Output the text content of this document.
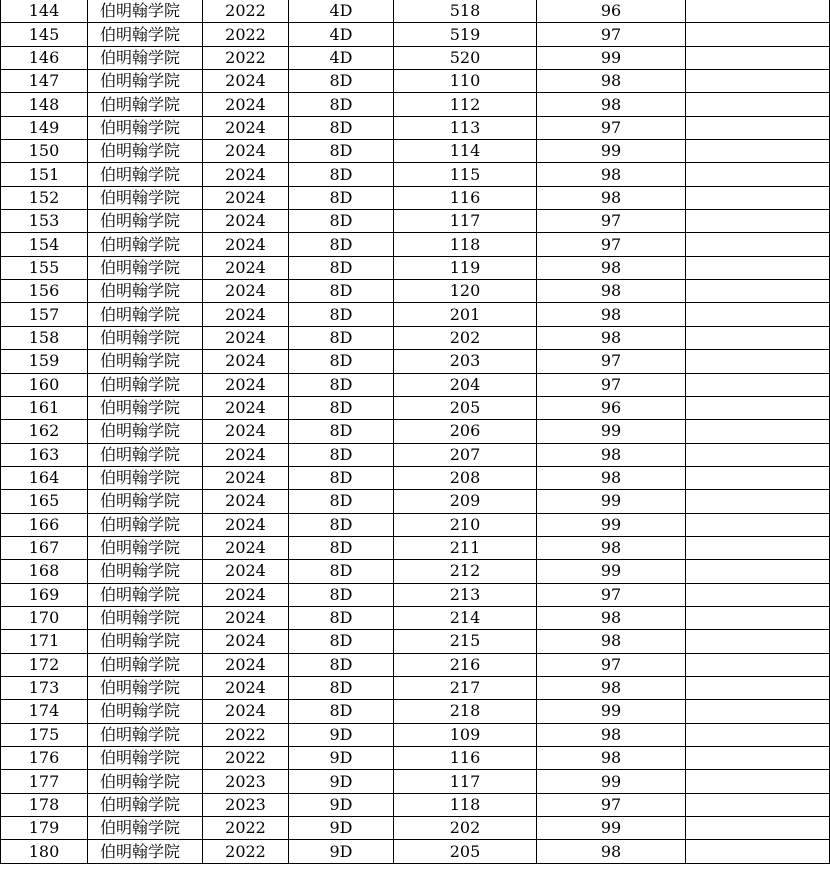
144	伯明翰学院	2022	4D	518	96	
145	伯明翰学院	2022	4D	519	97	
146	伯明翰学院	2022	4D	520	99	
147	伯明翰学院	2024	8D	110	98	
148	伯明翰学院	2024	8D	112	98	
149	伯明翰学院	2024	8D	113	97	
150	伯明翰学院	2024	8D	114	99	
151	伯明翰学院	2024	8D	115	98	
152	伯明翰学院	2024	8D	116	98	
153	伯明翰学院	2024	8D	117	97	
154	伯明翰学院	2024	8D	118	97	
155	伯明翰学院	2024	8D	119	98	
156	伯明翰学院	2024	8D	120	98	
157	伯明翰学院	2024	8D	201	98	
158	伯明翰学院	2024	8D	202	98	
159	伯明翰学院	2024	8D	203	97	
160	伯明翰学院	2024	8D	204	97	
161	伯明翰学院	2024	8D	205	96	
162	伯明翰学院	2024	8D	206	99	
163	伯明翰学院	2024	8D	207	98	
164	伯明翰学院	2024	8D	208	98	
165	伯明翰学院	2024	8D	209	99	
166	伯明翰学院	2024	8D	210	99	
167	伯明翰学院	2024	8D	211	98	
168	伯明翰学院	2024	8D	212	99	
169	伯明翰学院	2024	8D	213	97	
170	伯明翰学院	2024	8D	214	98	
171	伯明翰学院	2024	8D	215	98	
172	伯明翰学院	2024	8D	216	97	
173	伯明翰学院	2024	8D	217	98	
174	伯明翰学院	2024	8D	218	99	
175	伯明翰学院	2022	9D	109	98	
176	伯明翰学院	2022	9D	116	98	
177	伯明翰学院	2023	9D	117	99	
178	伯明翰学院	2023	9D	118	97	
179	伯明翰学院	2022	9D	202	99	
180	伯明翰学院	2022	9D	205	98	
